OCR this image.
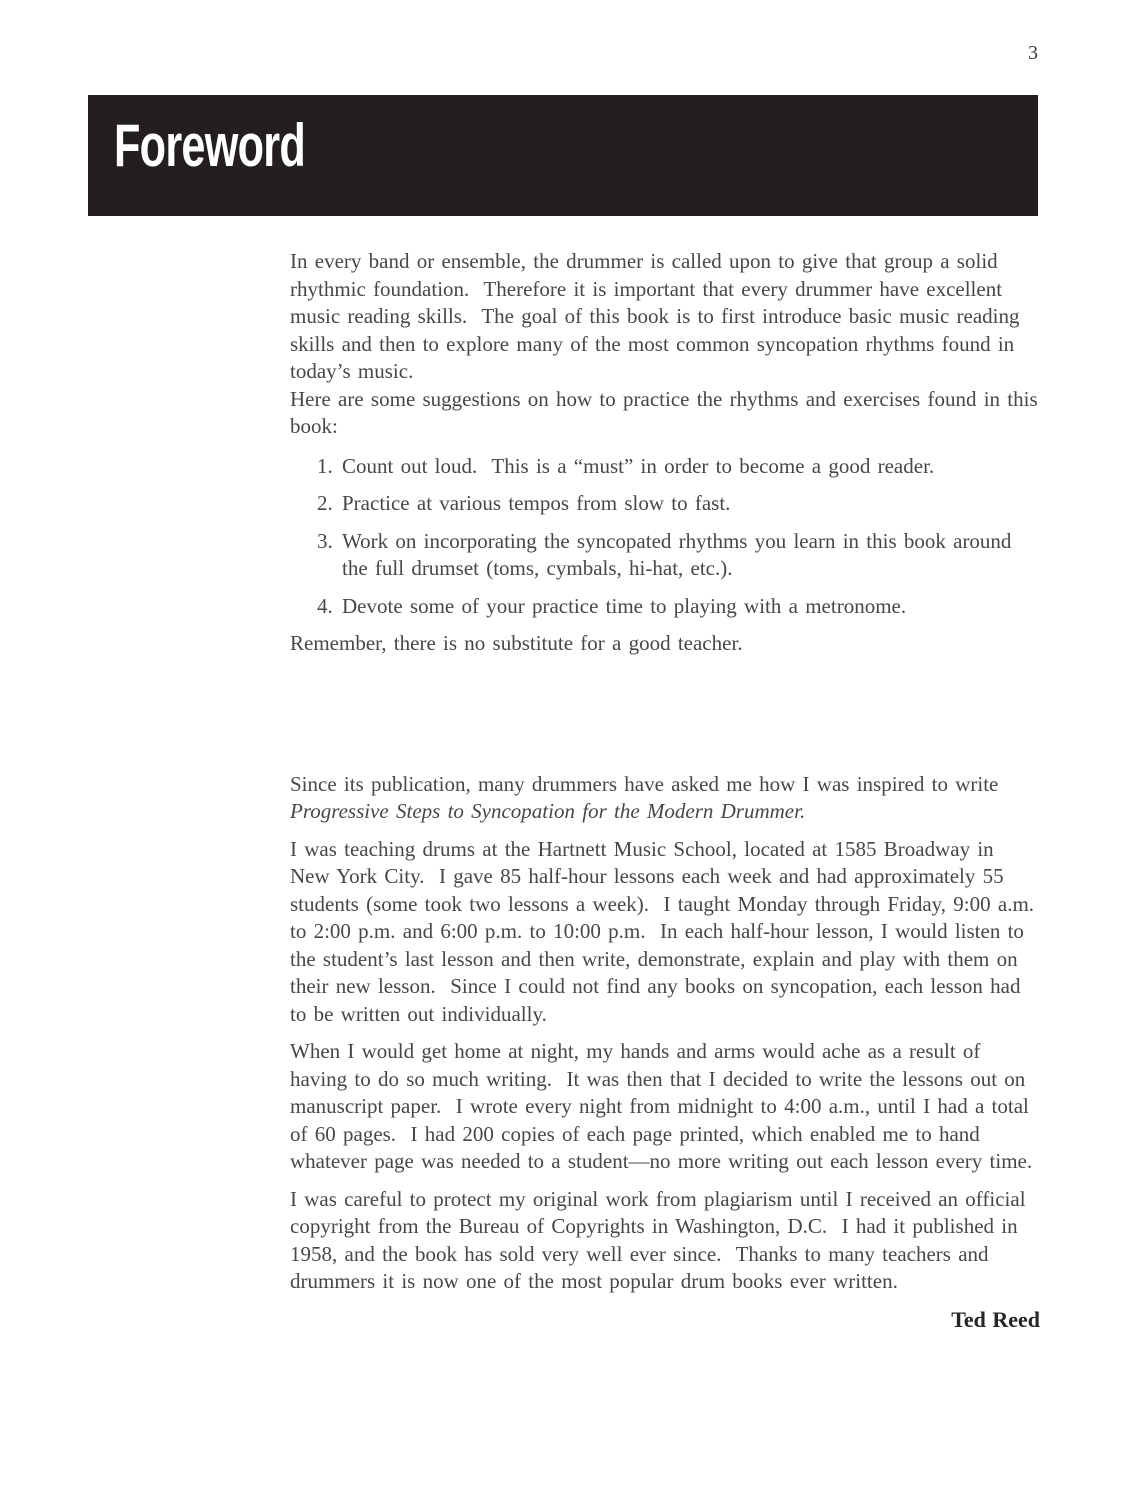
3
Foreword

In every band or ensemble, the drummer is called upon to give that group a solid rhythmic foundation.  Therefore it is important that every drummer have excellent music reading skills.  The goal of this book is to first introduce basic music reading skills and then to explore many of the most common syncopation rhythms found in today’s music.

Here are some suggestions on how to practice the rhythms and exercises found in this book:

1. Count out loud.  This is a “must” in order to become a good reader.
2. Practice at various tempos from slow to fast.
3. Work on incorporating the syncopated rhythms you learn in this book around the full drumset (toms, cymbals, hi-hat, etc.).
4. Devote some of your practice time to playing with a metronome.

Remember, there is no substitute for a good teacher.

Since its publication, many drummers have asked me how I was inspired to write Progressive Steps to Syncopation for the Modern Drummer.

I was teaching drums at the Hartnett Music School, located at 1585 Broadway in New York City.  I gave 85 half-hour lessons each week and had approximately 55 students (some took two lessons a week).  I taught Monday through Friday, 9:00 a.m. to 2:00 p.m. and 6:00 p.m. to 10:00 p.m.  In each half-hour lesson, I would listen to the student’s last lesson and then write, demonstrate, explain and play with them on their new lesson.  Since I could not find any books on syncopation, each lesson had to be written out individually.

When I would get home at night, my hands and arms would ache as a result of having to do so much writing.  It was then that I decided to write the lessons out on manuscript paper.  I wrote every night from midnight to 4:00 a.m., until I had a total of 60 pages.  I had 200 copies of each page printed, which enabled me to hand whatever page was needed to a student—no more writing out each lesson every time.

I was careful to protect my original work from plagiarism until I received an official copyright from the Bureau of Copyrights in Washington, D.C.  I had it published in 1958, and the book has sold very well ever since.  Thanks to many teachers and drummers it is now one of the most popular drum books ever written.

Ted Reed
